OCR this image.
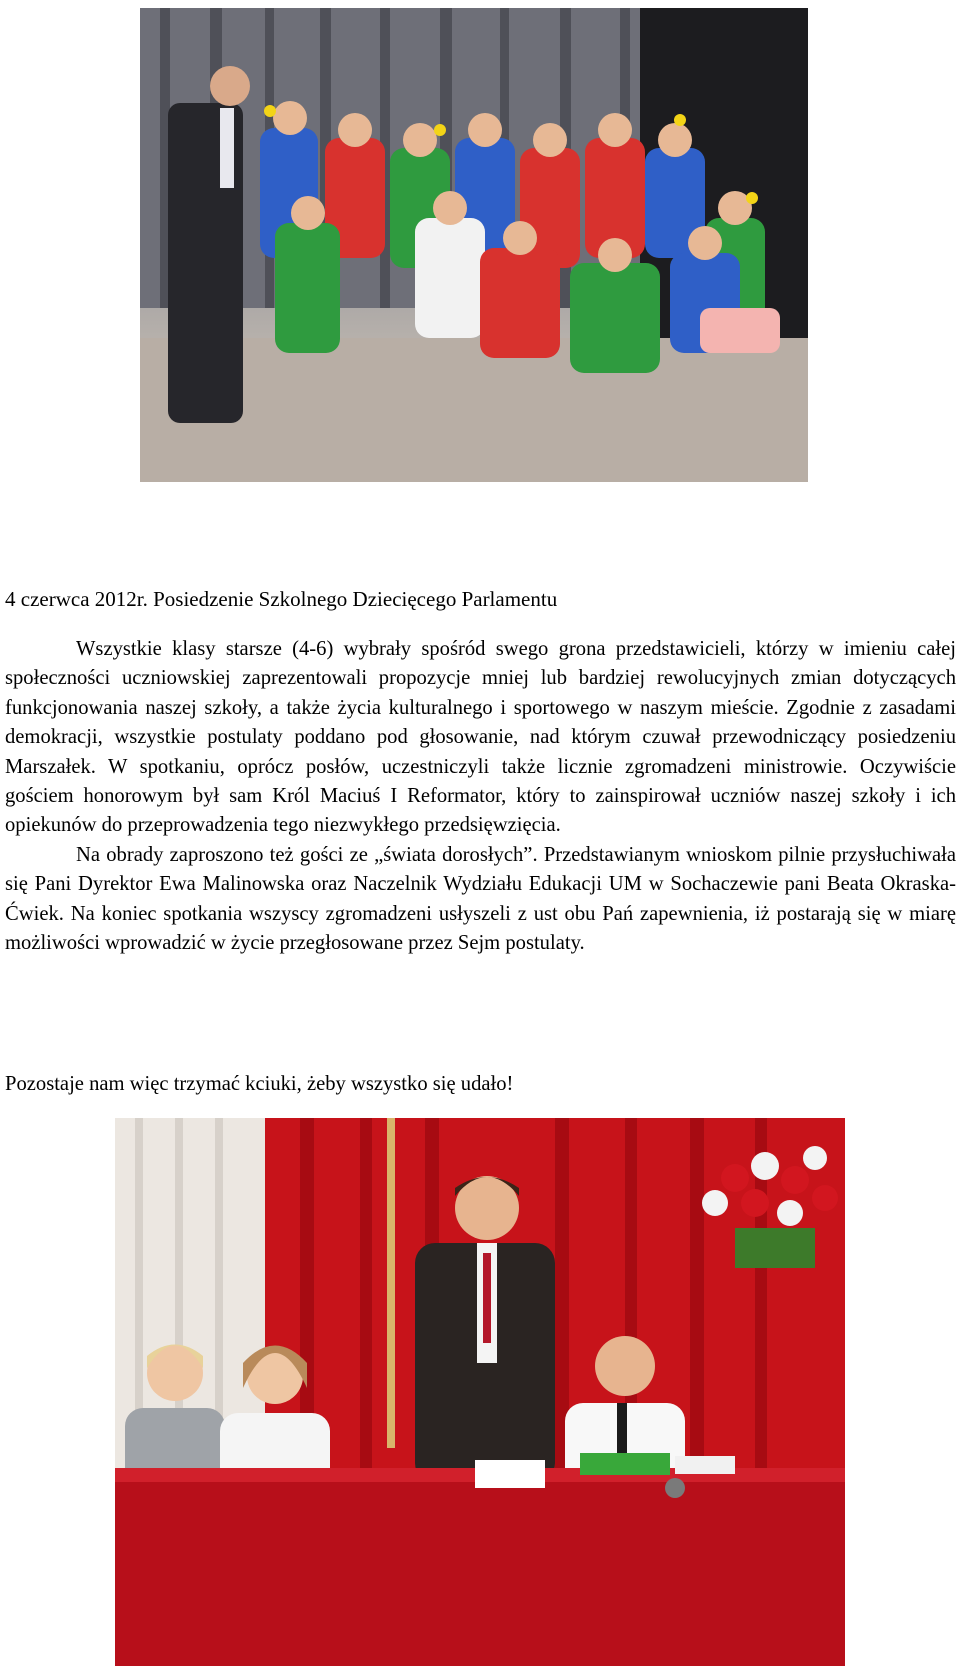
4 czerwca 2012r. Posiedzenie Szkolnego Dziecięcego Parlamentu

Wszystkie klasy starsze (4-6) wybrały spośród swego grona przedstawicieli, którzy w imieniu całej społeczności uczniowskiej zaprezentowali propozycje mniej lub bardziej rewolucyjnych zmian dotyczących funkcjonowania naszej szkoły, a także życia kulturalnego i sportowego w naszym mieście. Zgodnie z zasadami demokracji, wszystkie postulaty poddano pod głosowanie, nad którym czuwał przewodniczący posiedzeniu Marszałek. W spotkaniu, oprócz posłów, uczestniczyli także licznie zgromadzeni ministrowie. Oczywiście gościem honorowym był sam Król Maciuś I Reformator, który to zainspirował uczniów naszej szkoły i ich opiekunów do przeprowadzenia tego niezwykłego przedsięwzięcia.

Na obrady zaproszono też gości ze „świata dorosłych”. Przedstawianym wnioskom pilnie przysłuchiwała się Pani Dyrektor Ewa Malinowska oraz Naczelnik Wydziału Edukacji UM w Sochaczewie pani Beata Okraska-Ćwiek. Na koniec spotkania wszyscy zgromadzeni usłyszeli z ust obu Pań zapewnienia, iż postarają się w miarę możliwości wprowadzić w życie przegłosowane przez Sejm postulaty.

Pozostaje nam więc trzymać kciuki, żeby wszystko się udało!
